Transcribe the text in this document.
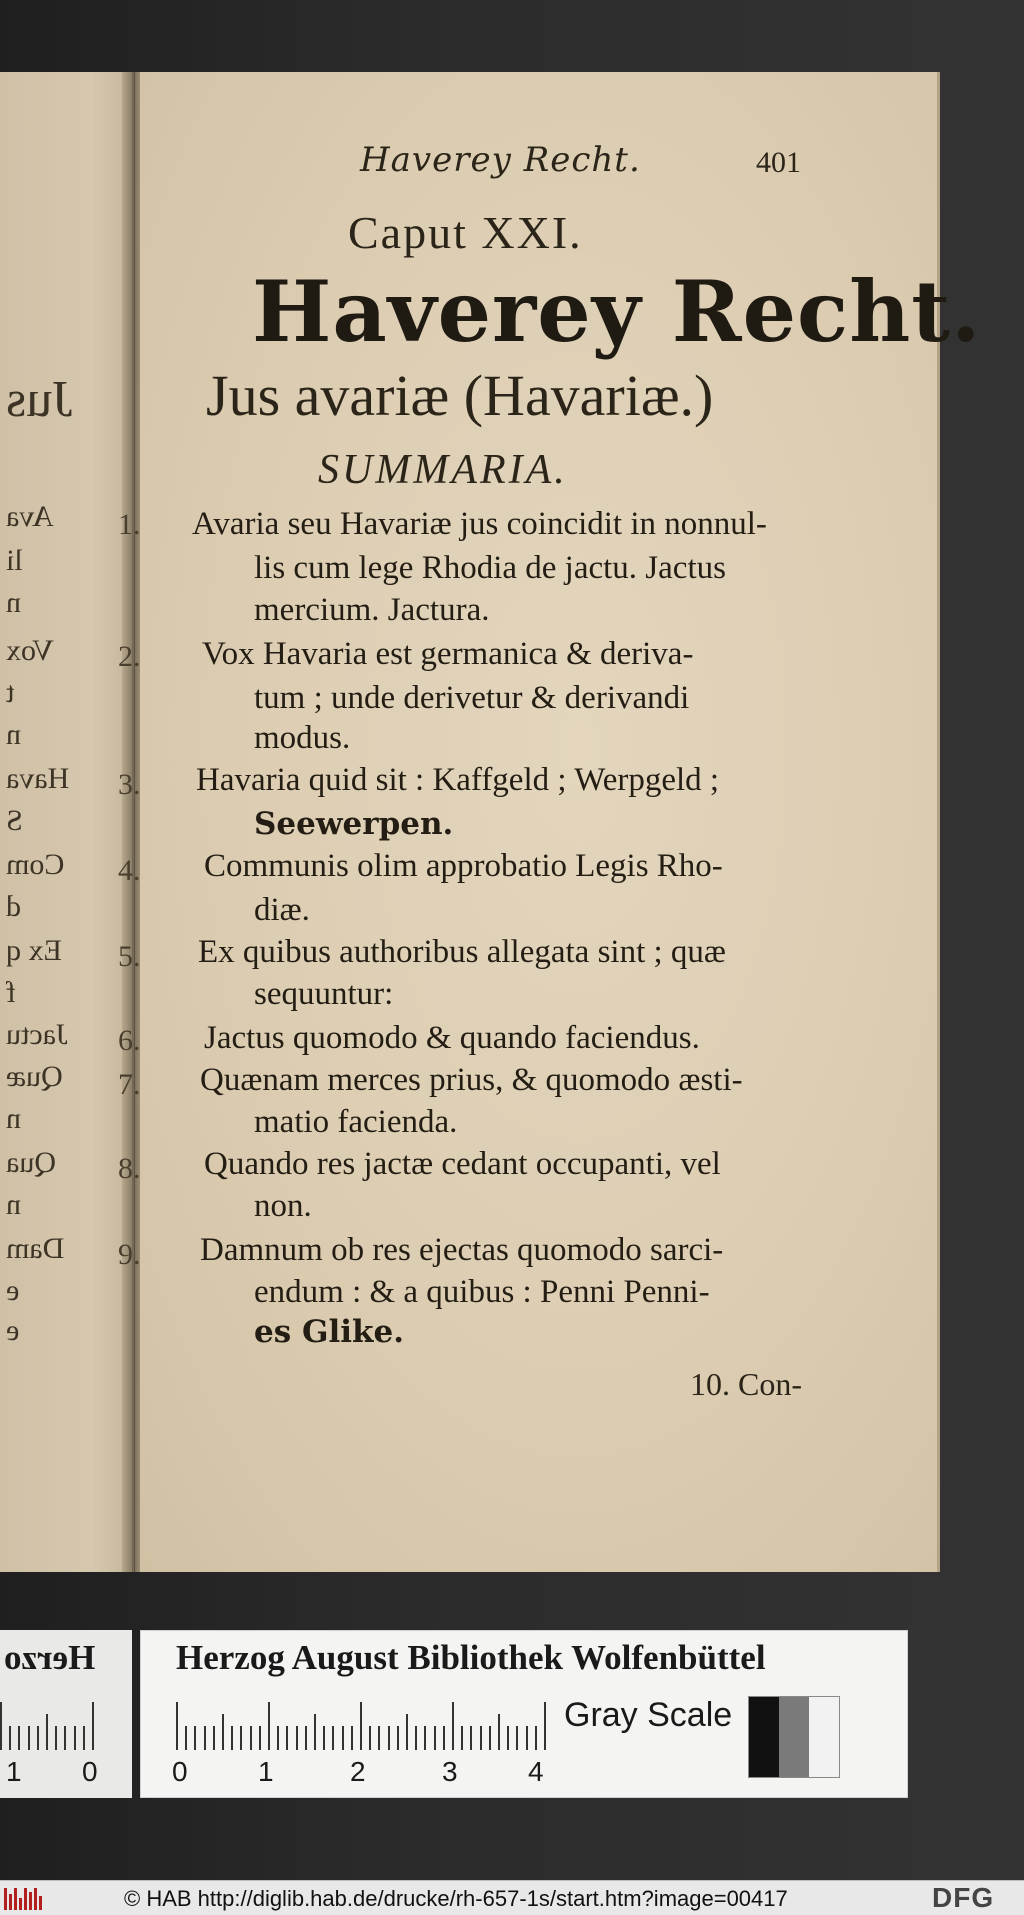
Jus
Ava
li
n
Vox
t
n
Hava
S
Com
d
Ex q
f
Jactu
Quæ
n
Qua
n
Dam
e
e
Haverey Recht.	401
Caput XXI.
Haverey Recht.
Jus avariæ (Havariæ.)
SUMMARIA.
1. Avaria seu Havariæ jus coincidit in nonnul-
lis cum lege Rhodia de jactu. Jactus
mercium. Jactura.
2. Vox Havaria est germanica & deriva-
tum ; unde derivetur & derivandi
modus.
3. Havaria quid sit : Kaffgeld ; Werpgeld ;
Seewerpen.
4. Communis olim approbatio Legis Rho-
diæ.
5. Ex quibus authoribus allegata sint ; quæ
sequuntur:
6. Jactus quomodo & quando faciendus.
7. Quænam merces prius, & quomodo æsti-
matio facienda.
8. Quando res jactæ cedant occupanti, vel
non.
9. Damnum ob res ejectas quomodo sarci-
endum : & a quibus : Penni Penni-
es Glike.
10. Con-
Herzo Herzog August Bibliothek Wolfenbüttel
0	1	2	3	4
1 0
Gray Scale
© HAB http://diglib.hab.de/drucke/rh-657-1s/start.htm?image=00417	DFG
